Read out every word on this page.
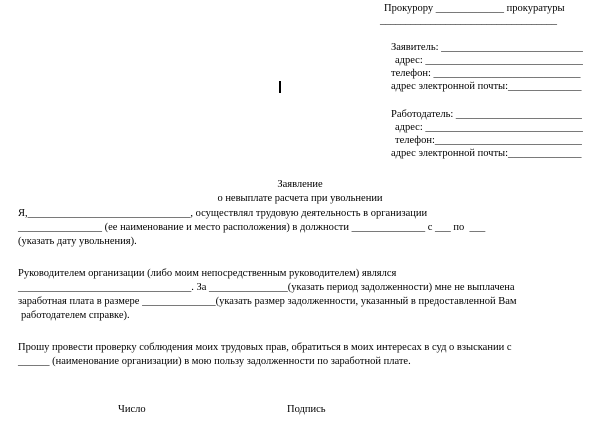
Прокурору _____________ прокуратуры
___________________________________
Заявитель: ___________________________
адрес: ______________________________
телефон: ____________________________
адрес электронной почты:______________
Работодатель: ________________________
адрес: ______________________________
телефон:____________________________
адрес электронной почты:______________
Заявление
о невыплате расчета при увольнении
Я,_______________________________, осуществлял трудовую деятельность в организации
________________ (ее наименование и место расположения) в должности ______________ с ___ по  ___
(указать дату увольнения).
Руководителем организации (либо моим непосредственным руководителем) являлся
_________________________________. За _______________(указать период задолженности) мне не выплачена
заработная плата в размере ______________(указать размер задолженности, указанный в предоставленной Вам
работодателем справке).
Прошу провести проверку соблюдения моих трудовых прав, обратиться в моих интересах в суд о взыскании с
______ (наименование организации) в мою пользу задолженности по заработной плате.
Число	Подпись
